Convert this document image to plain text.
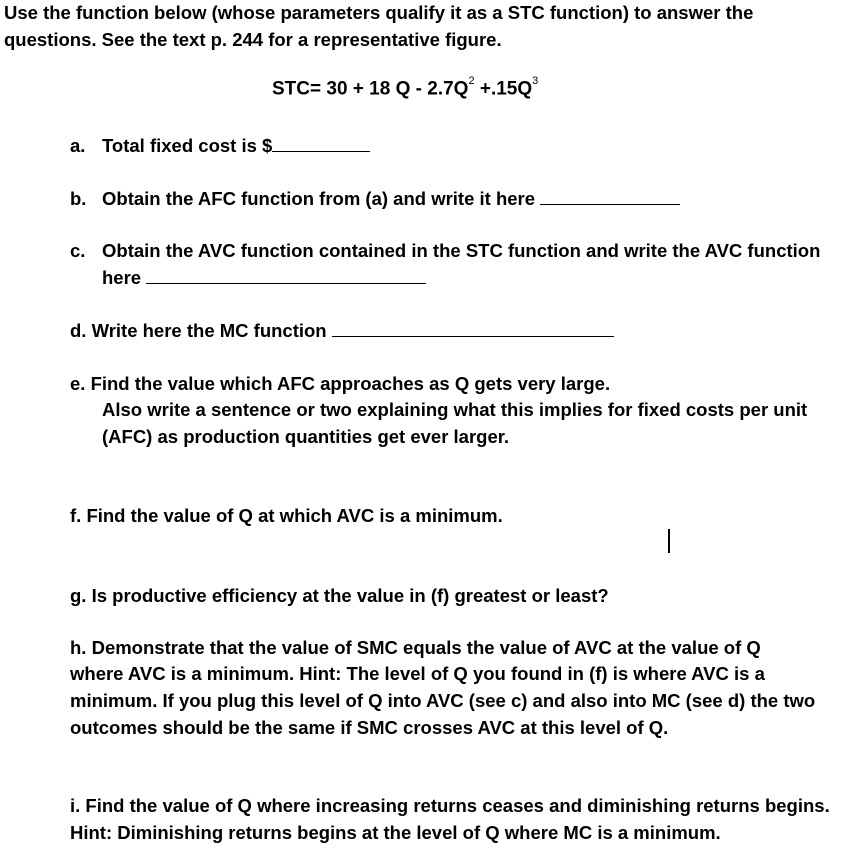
Use the function below (whose parameters qualify it as a STC function) to answer the
questions. See the text p. 244 for a representative figure.
STC= 30 + 18 $Q - 2.7Q^2 +.15Q^3$
a. Total fixed cost is $
b. Obtain the AFC function from (a) and write it here
c. Obtain the AVC function contained in the STC function and write the AVC function
here
d. Write here the MC function
e. Find the value which AFC approaches as Q gets very large.
Also write a sentence or two explaining what this implies for fixed costs per unit
(AFC) as production quantities get ever larger.
f. Find the value of Q at which AVC is a minimum.
g. Is productive efficiency at the value in (f) greatest or least?
h. Demonstrate that the value of SMC equals the value of AVC at the value of Q
where AVC is a minimum. Hint: The level of Q you found in (f) is where AVC is a
minimum. If you plug this level of Q into AVC (see c) and also into MC (see d) the two
outcomes should be the same if SMC crosses AVC at this level of Q.
i. Find the value of Q where increasing returns ceases and diminishing returns begins.
Hint: Diminishing returns begins at the level of Q where MC is a minimum.
